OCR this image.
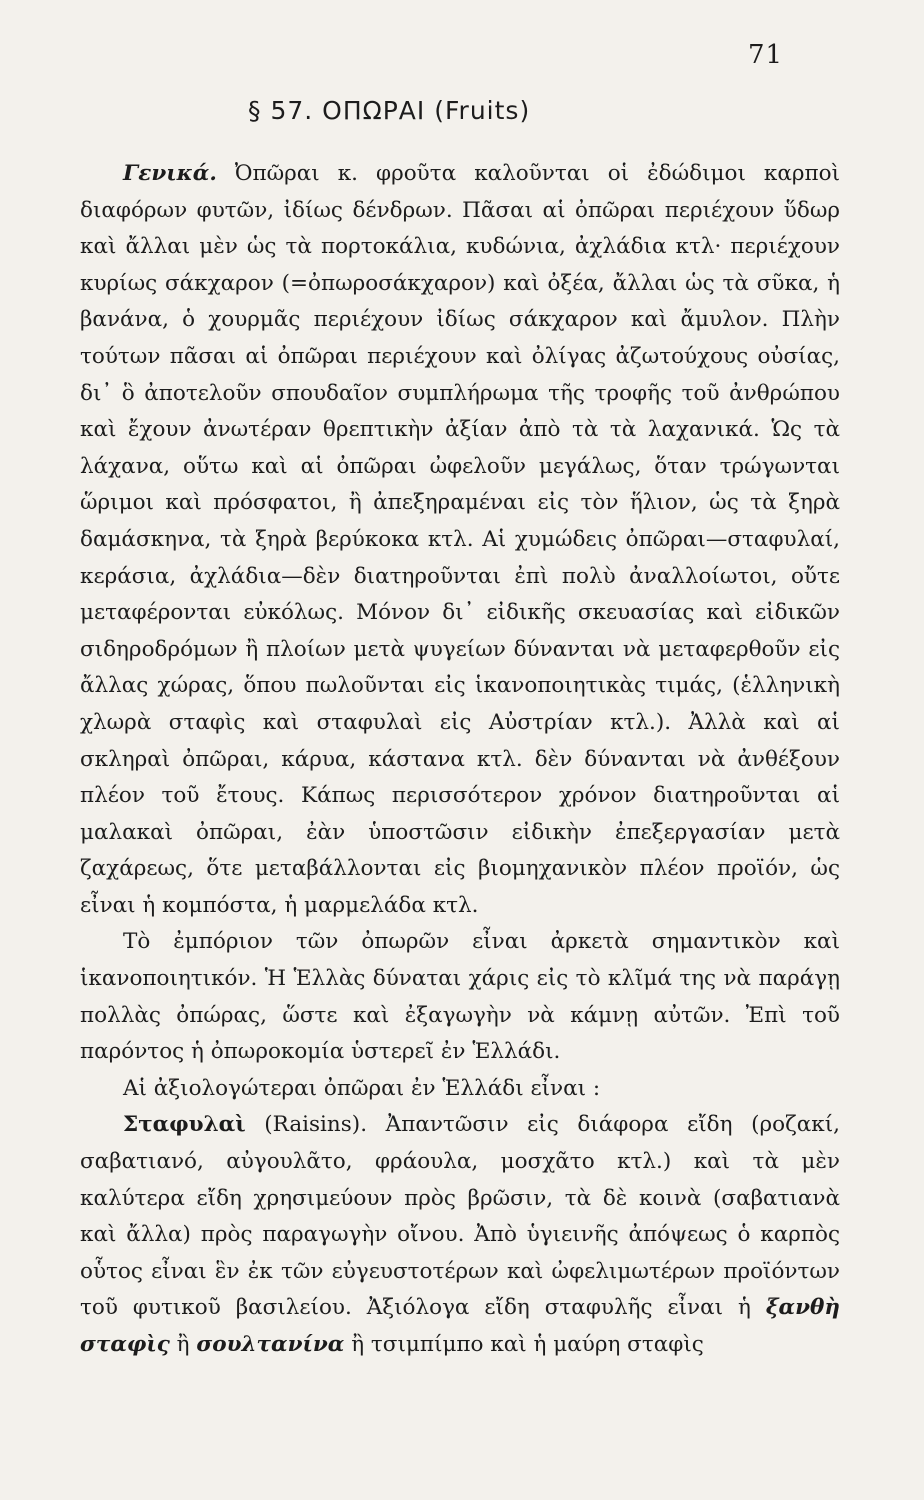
71
§ 57. ΟΠΩΡΑΙ (Fruits)

Γενικά. Ὀπῶραι κ. φροῦτα καλοῦνται οἱ ἐδώδιμοι καρποὶ διαφόρων φυτῶν, ἰδίως δένδρων. Πᾶσαι αἱ ὀπῶραι περιέχουν ὕδωρ καὶ ἄλλαι μὲν ὡς τὰ πορτοκάλια, κυδώνια, ἀχλάδια κτλ· περιέχουν κυρίως σάκχαρον (=ὀπωροσάκχαρον) καὶ ὀξέα, ἄλλαι ὡς τὰ σῦκα, ἡ βανάνα, ὁ χουρμᾶς περιέχουν ἰδίως σάκχαρον καὶ ἄμυλον. Πλὴν τούτων πᾶσαι αἱ ὀπῶραι περιέχουν καὶ ὀλίγας ἀζωτούχους οὐσίας, δι᾽ ὃ ἀποτελοῦν σπουδαῖον συμπλήρωμα τῆς τροφῆς τοῦ ἀνθρώπου καὶ ἔχουν ἀνωτέραν θρεπτικὴν ἀξίαν ἀπὸ τὰ τὰ λαχανικά. Ὡς τὰ λάχανα, οὕτω καὶ αἱ ὀπῶραι ὠφελοῦν μεγάλως, ὅταν τρώγωνται ὥριμοι καὶ πρόσφατοι, ἢ ἀπεξηραμέναι εἰς τὸν ἥλιον, ὡς τὰ ξηρὰ δαμάσκηνα, τὰ ξηρὰ βερύκοκα κτλ. Αἱ χυμώδεις ὀπῶραι—σταφυλαί, κεράσια, ἀχλάδια—δὲν διατηροῦνται ἐπὶ πολὺ ἀναλλοίωτοι, οὔτε μεταφέρονται εὐκόλως. Μόνον δι᾽ εἰδικῆς σκευασίας καὶ εἰδικῶν σιδηροδρόμων ἢ πλοίων μετὰ ψυγείων δύνανται νὰ μεταφερθοῦν εἰς ἄλλας χώρας, ὅπου πωλοῦνται εἰς ἱκανοποιητικὰς τιμάς, (ἑλληνικὴ χλωρὰ σταφὶς καὶ σταφυλαὶ εἰς Αὐστρίαν κτλ.). Ἀλλὰ καὶ αἱ σκληραὶ ὀπῶραι, κάρυα, κάστανα κτλ. δὲν δύνανται νὰ ἀνθέξουν πλέον τοῦ ἔτους. Κάπως περισσότερον χρόνον διατηροῦνται αἱ μαλακαὶ ὀπῶραι, ἐὰν ὑποστῶσιν εἰδικὴν ἐπεξεργασίαν μετὰ ζαχάρεως, ὅτε μεταβάλλονται εἰς βιομηχανικὸν πλέον προϊόν, ὡς εἶναι ἡ κομπόστα, ἡ μαρμελάδα κτλ.

Τὸ ἐμπόριον τῶν ὀπωρῶν εἶναι ἀρκετὰ σημαντικὸν καὶ ἱκανοποιητικόν. Ἡ Ἑλλὰς δύναται χάρις εἰς τὸ κλῖμά της νὰ παράγῃ πολλὰς ὀπώρας, ὥστε καὶ ἐξαγωγὴν νὰ κάμνῃ αὐτῶν. Ἐπὶ τοῦ παρόντος ἡ ὀπωροκομία ὑστερεῖ ἐν Ἑλλάδι.

Αἱ ἀξιολογώτεραι ὀπῶραι ἐν Ἑλλάδι εἶναι :

Σταφυλαὶ (Raisins). Ἀπαντῶσιν εἰς διάφορα εἴδη (ροζακί, σαβατιανό, αὐγουλᾶτο, φράουλα, μοσχᾶτο κτλ.) καὶ τὰ μὲν καλύτερα εἴδη χρησιμεύουν πρὸς βρῶσιν, τὰ δὲ κοινὰ (σαβατιανὰ καὶ ἄλλα) πρὸς παραγωγὴν οἴνου. Ἀπὸ ὑγιεινῆς ἀπόψεως ὁ καρπὸς οὗτος εἶναι ἓν ἐκ τῶν εὐγευστοτέρων καὶ ὠφελιμωτέρων προϊόντων τοῦ φυτικοῦ βασιλείου. Ἀξιόλογα εἴδη σταφυλῆς εἶναι ἡ ξανθὴ σταφὶς ἢ σουλτανίνα ἢ τσιμπίμπο καὶ ἡ μαύρη σταφὶς
